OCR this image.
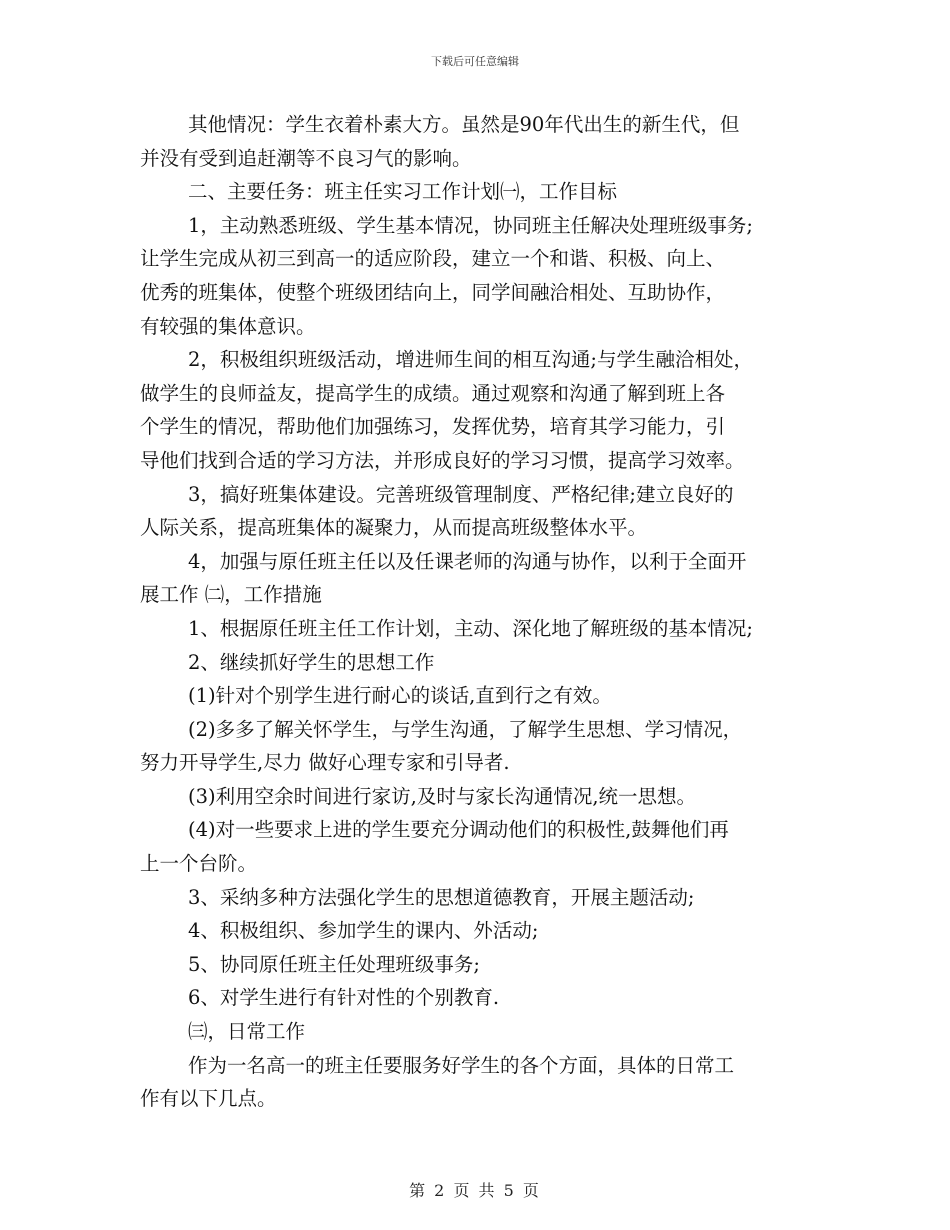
下载后可任意编辑
其他情况：学生衣着朴素大方。虽然是90年代出生的新生代，但
并没有受到追赶潮等不良习气的影响。
二、主要任务：班主任实习工作计划㈠，工作目标
1，主动熟悉班级、学生基本情况，协同班主任解决处理班级事务;
让学生完成从初三到高一的适应阶段，建立一个和谐、积极、向上、
优秀的班集体，使整个班级团结向上，同学间融洽相处、互助协作，
有较强的集体意识。
2，积极组织班级活动，增进师生间的相互沟通;与学生融洽相处，
做学生的良师益友，提高学生的成绩。通过观察和沟通了解到班上各
个学生的情况，帮助他们加强练习，发挥优势，培育其学习能力，引
导他们找到合适的学习方法，并形成良好的学习习惯，提高学习效率。
3，搞好班集体建设。完善班级管理制度、严格纪律;建立良好的
人际关系，提高班集体的凝聚力，从而提高班级整体水平。
4，加强与原任班主任以及任课老师的沟通与协作，以利于全面开
展工作 ㈡，工作措施
1、根据原任班主任工作计划，主动、深化地了解班级的基本情况;
2、继续抓好学生的思想工作
(1)针对个别学生进行耐心的谈话,直到行之有效。
(2)多多了解关怀学生，与学生沟通，了解学生思想、学习情况，
努力开导学生,尽力 做好心理专家和引导者.
(3)利用空余时间进行家访,及时与家长沟通情况,统一思想。
(4)对一些要求上进的学生要充分调动他们的积极性,鼓舞他们再
上一个台阶。
3、采纳多种方法强化学生的思想道德教育，开展主题活动;
4、积极组织、参加学生的课内、外活动;
5、协同原任班主任处理班级事务;
6、对学生进行有针对性的个别教育.
㈢，日常工作
作为一名高一的班主任要服务好学生的各个方面，具体的日常工
作有以下几点。
第 2 页 共 5 页
